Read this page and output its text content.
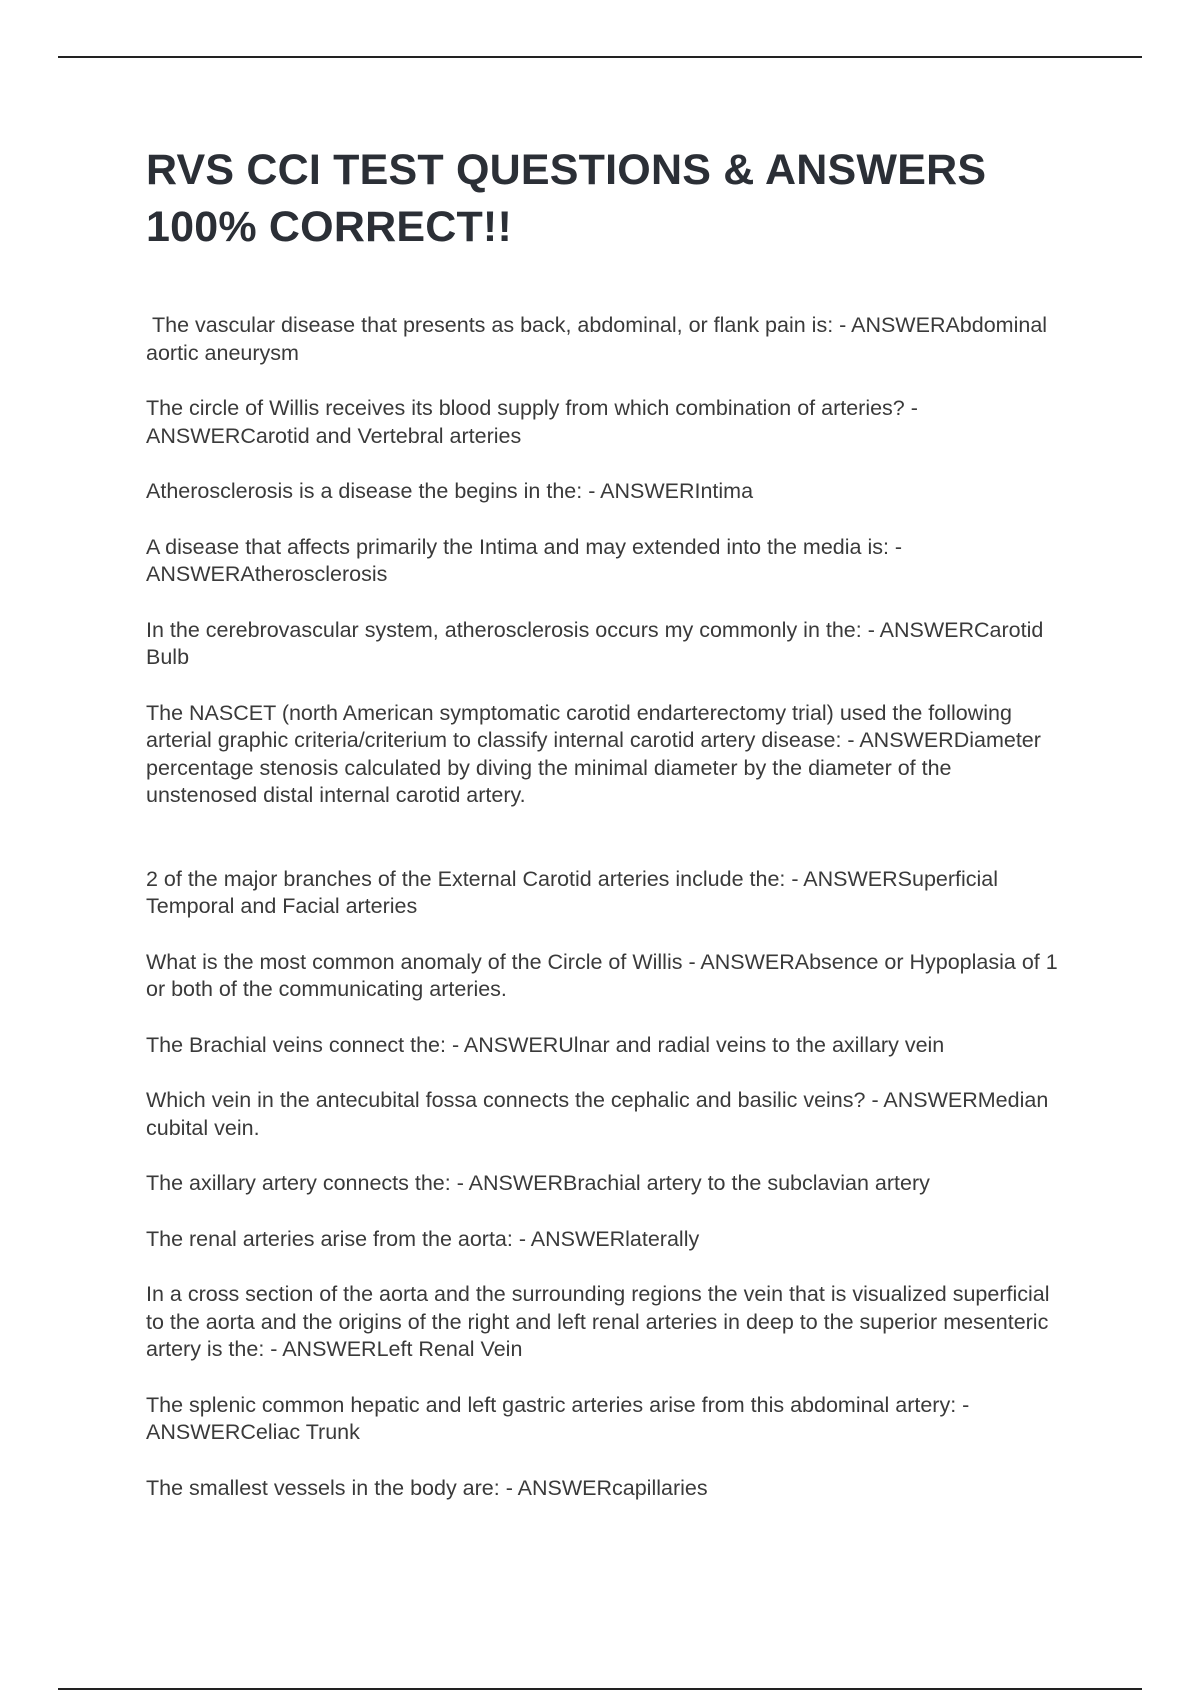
RVS CCI TEST QUESTIONS & ANSWERS 100% CORRECT!!
The vascular disease that presents as back, abdominal, or flank pain is: - ANSWERAbdominal aortic aneurysm
The circle of Willis receives its blood supply from which combination of arteries? - ANSWERCarotid and Vertebral arteries
Atherosclerosis is a disease the begins in the: - ANSWERIntima
A disease that affects primarily the Intima and may extended into the media is: - ANSWERAtherosclerosis
In the cerebrovascular system, atherosclerosis occurs my commonly in the: - ANSWERCarotid Bulb
The NASCET (north American symptomatic carotid endarterectomy trial) used the following arterial graphic criteria/criterium to classify internal carotid artery disease: - ANSWERDiameter percentage stenosis calculated by diving the minimal diameter by the diameter of the unstenosed distal internal carotid artery.
2 of the major branches of the External Carotid arteries include the: - ANSWERSuperficial Temporal and Facial arteries
What is the most common anomaly of the Circle of Willis - ANSWERAbsence or Hypoplasia of 1 or both of the communicating arteries.
The Brachial veins connect the: - ANSWERUlnar and radial veins to the axillary vein
Which vein in the antecubital fossa connects the cephalic and basilic veins? - ANSWERMedian cubital vein.
The axillary artery connects the: - ANSWERBrachial artery to the subclavian artery
The renal arteries arise from the aorta: - ANSWERlaterally
In a cross section of the aorta and the surrounding regions the vein that is visualized superficial to the aorta and the origins of the right and left renal arteries in deep to the superior mesenteric artery is the: - ANSWERLeft Renal Vein
The splenic common hepatic and left gastric arteries arise from this abdominal artery: - ANSWERCeliac Trunk
The smallest vessels in the body are: - ANSWERcapillaries
